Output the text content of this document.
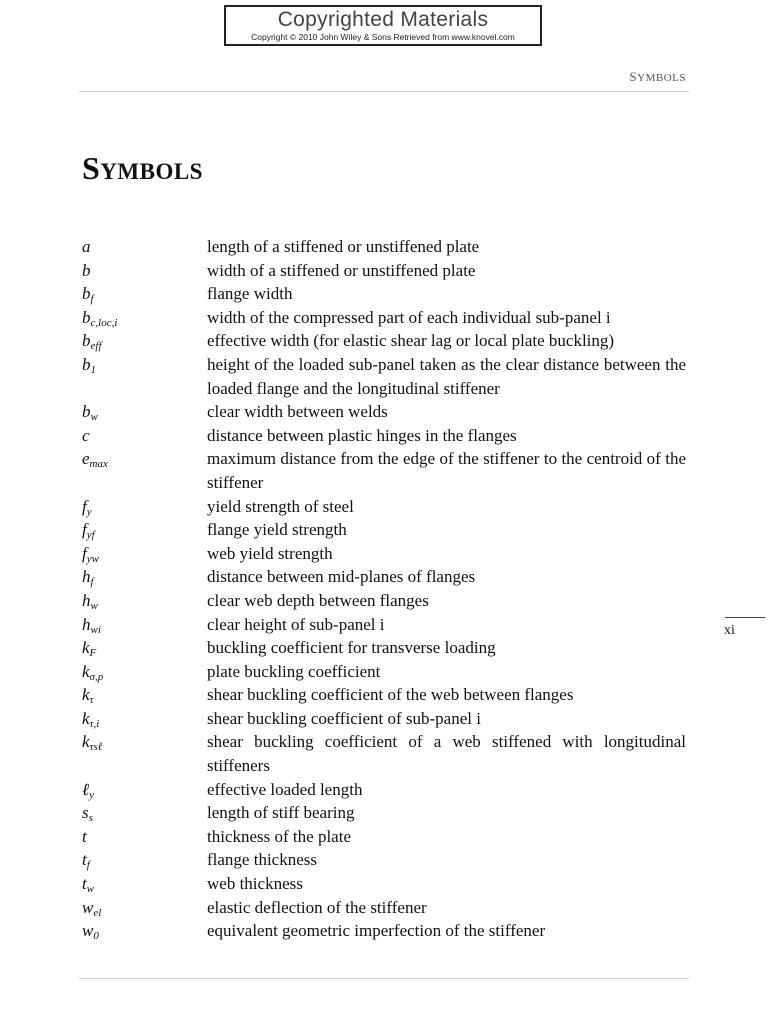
Copyrighted Materials
Copyright © 2010 John Wiley & Sons Retrieved from www.knovel.com
SYMBOLS
SYMBOLS
a	length of a stiffened or unstiffened plate
b	width of a stiffened or unstiffened plate
$b_f$	flange width
$b_{c,loc,i}$	width of the compressed part of each individual sub-panel i
$b_{eff}$	effective width (for elastic shear lag or local plate buckling)
$b_1$	height of the loaded sub-panel taken as the clear distance between the loaded flange and the longitudinal stiffener
$b_w$	clear width between welds
c	distance between plastic hinges in the flanges
$e_{max}$	maximum distance from the edge of the stiffener to the centroid of the stiffener
$f_y$	yield strength of steel
$f_{yf}$	flange yield strength
$f_{yw}$	web yield strength
$h_f$	distance between mid-planes of flanges
$h_w$	clear web depth between flanges
$h_{wi}$	clear height of sub-panel i
$k_F$	buckling coefficient for transverse loading
$k_{\sigma,p}$	plate buckling coefficient
$k_\tau$	shear buckling coefficient of the web between flanges
$k_{\tau,i}$	shear buckling coefficient of sub-panel i
$k_{\tau s\ell}$	shear buckling coefficient of a web stiffened with longitudinal stiffeners
ℓ$_y$	effective loaded length
$s_s$	length of stiff bearing
t	thickness of the plate
$t_f$	flange thickness
$t_w$	web thickness
$w_{el}$	elastic deflection of the stiffener
$w_0$	equivalent geometric imperfection of the stiffener
xi
